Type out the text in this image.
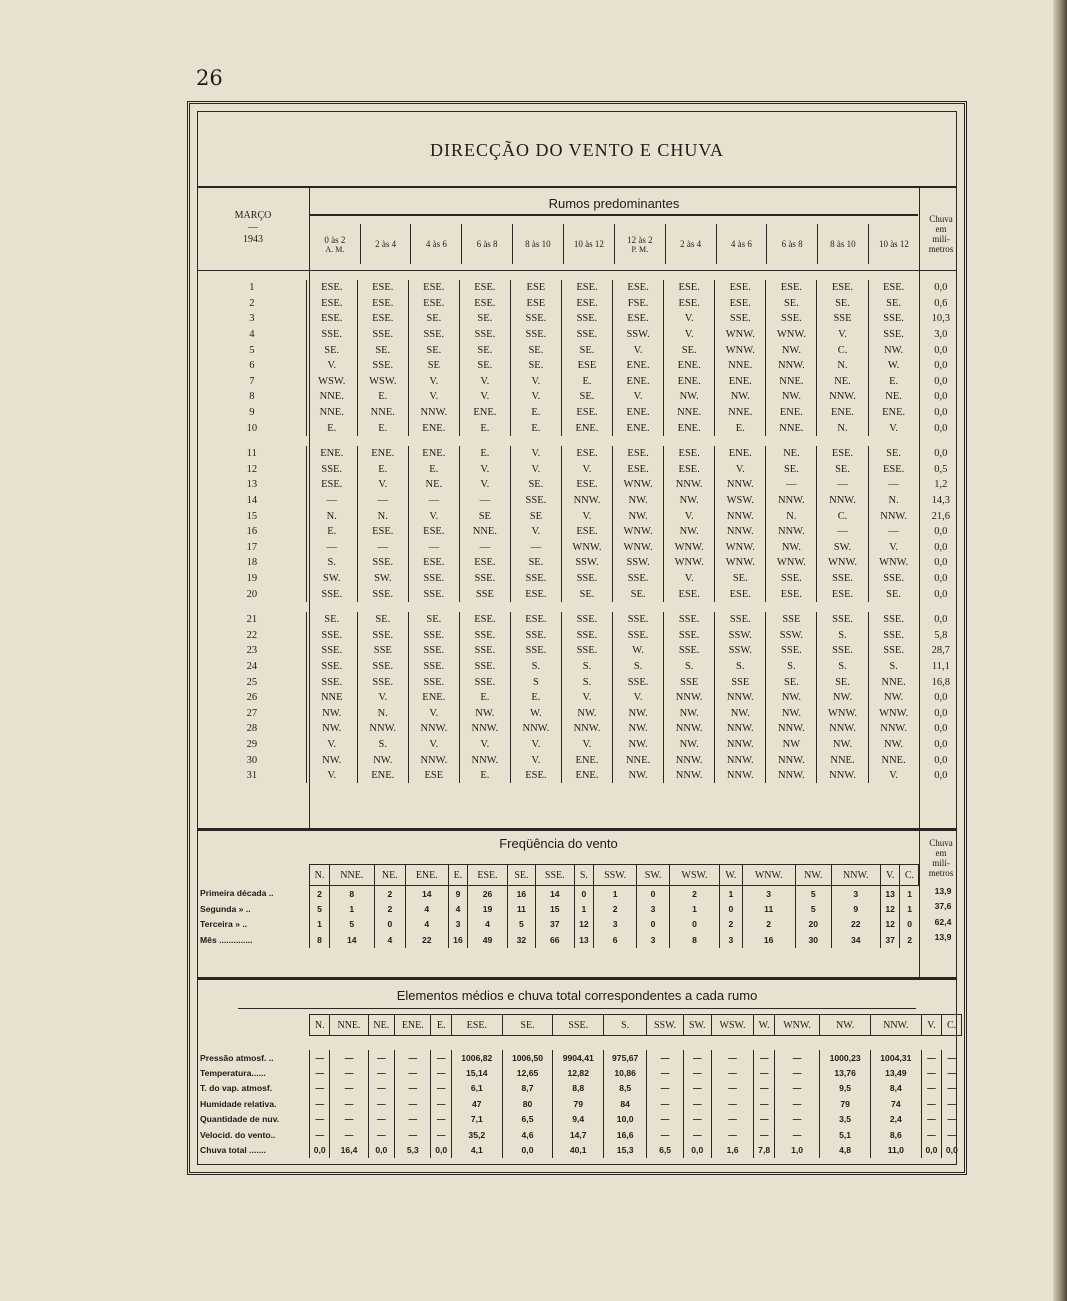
26
DIRECÇÃO DO VENTO E CHUVA
MARÇO
—
1943
Rumos predominantes
Chuva
em
milí-
metros
0 às 2
A. M.	2 às 4	4 às 6	6 às 8	8 às 10	10 às 12	12 às 2
P. M.	2 às 4	4 às 6	6 às 8	8 às 10	10 às 12
1	ESE.	ESE.	ESE.	ESE.	ESE	ESE.	ESE.	ESE.	ESE.	ESE.	ESE.	ESE.	0,0
2	ESE.	ESE.	ESE.	ESE.	ESE	ESE.	FSE.	ESE.	ESE.	SE.	SE.	SE.	0,6
3	ESE.	ESE.	SE.	SE.	SSE.	SSE.	ESE.	V.	SSE.	SSE.	SSE	SSE.	10,3
4	SSE.	SSE.	SSE.	SSE.	SSE.	SSE.	SSW.	V.	WNW.	WNW.	V.	SSE.	3,0
5	SE.	SE.	SE.	SE.	SE.	SE.	V.	SE.	WNW.	NW.	C.	NW.	0,0
6	V.	SSE.	SE	SE.	SE.	ESE	ENE.	ENE.	NNE.	NNW.	N.	W.	0,0
7	WSW.	WSW.	V.	V.	V.	E.	ENE.	ENE.	ENE.	NNE.	NE.	E.	0,0
8	NNE.	E.	V.	V.	V.	SE.	V.	NW.	NW.	NW.	NNW.	NE.	0,0
9	NNE.	NNE.	NNW.	ENE.	E.	ESE.	ENE.	NNE.	NNE.	ENE.	ENE.	ENE.	0,0
10	E.	E.	ENE.	E.	E.	ENE.	ENE.	ENE.	E.	NNE.	N.	V.	0,0

11	ENE.	ENE.	ENE.	E.	V.	ESE.	ESE.	ESE.	ENE.	NE.	ESE.	SE.	0,0
12	SSE.	E.	E.	V.	V.	V.	ESE.	ESE.	V.	SE.	SE.	ESE.	0,5
13	ESE.	V.	NE.	V.	SE.	ESE.	WNW.	NNW.	NNW.	—	—	—	1,2
14	—	—	—	—	SSE.	NNW.	NW.	NW.	WSW.	NNW.	NNW.	N.	14,3
15	N.	N.	V.	SE	SE	V.	NW.	V.	NNW.	N.	C.	NNW.	21,6
16	E.	ESE.	ESE.	NNE.	V.	ESE.	WNW.	NW.	NNW.	NNW.	—	—	0,0
17	—	—	—	—	—	WNW.	WNW.	WNW.	WNW.	NW.	SW.	V.	0,0
18	S.	SSE.	ESE.	ESE.	SE.	SSW.	SSW.	WNW.	WNW.	WNW.	WNW.	WNW.	0,0
19	SW.	SW.	SSE.	SSE.	SSE.	SSE.	SSE.	V.	SE.	SSE.	SSE.	SSE.	0,0
20	SSE.	SSE.	SSE.	SSE	ESE.	SE.	SE.	ESE.	ESE.	ESE.	ESE.	SE.	0,0

21	SE.	SE.	SE.	ESE.	ESE.	SSE.	SSE.	SSE.	SSE.	SSE	SSE.	SSE.	0,0
22	SSE.	SSE.	SSE.	SSE.	SSE.	SSE.	SSE.	SSE.	SSW.	SSW.	S.	SSE.	5,8
23	SSE.	SSE	SSE.	SSE.	SSE.	SSE.	W.	SSE.	SSW.	SSE.	SSE.	SSE.	28,7
24	SSE.	SSE.	SSE.	SSE.	S.	S.	S.	S.	S.	S.	S.	S.	11,1
25	SSE.	SSE.	SSE.	SSE.	S	S.	SSE.	SSE	SSE	SE.	SE.	NNE.	16,8
26	NNE	V.	ENE.	E.	E.	V.	V.	NNW.	NNW.	NW.	NW.	NW.	0,0
27	NW.	N.	V.	NW.	W.	NW.	NW.	NW.	NW.	NW.	WNW.	WNW.	0,0
28	NW.	NNW.	NNW.	NNW.	NNW.	NNW.	NW.	NNW.	NNW.	NNW.	NNW.	NNW.	0,0
29	V.	S.	V.	V.	V.	V.	NW.	NW.	NNW.	NW	NW.	NW.	0,0
30	NW.	NW.	NNW.	NNW.	V.	ENE.	NNE.	NNW.	NNW.	NNW.	NNE.	NNE.	0,0
31	V.	ENE.	ESE	E.	ESE.	ENE.	NW.	NNW.	NNW.	NNW.	NNW.	V.	0,0
Freqüência do vento	Chuva
em
milí-
metros
	N.	NNE.	NE.	ENE.	E.	ESE.	SE.	SSE.	S.	SSW.	SW.	WSW.	W.	WNW.	NW.	NNW.	V.	C.
Primeira década ..	2	8	2	14	9	26	16	14	0	1	0	2	1	3	5	3	13	1		13,9

Segunda » ..	5	1	2	4	4	19	11	15	1	2	3	1	0	11	5	9	12	1		37,6

Terceira » ..	1	5	0	4	3	4	5	37	12	3	0	0	2	2	20	22	12	0		62,4

Mês ..............	8	14	4	22	16	49	32	66	13	6	3	8	3	16	30	34	37	2		13,9
Elementos médios e chuva total correspondentes a cada rumo
	N.	NNE.	NE.	ENE.	E.	ESE.	SE.	SSE.	S.	SSW.	SW.	WSW.	W.	WNW.	NW.	NNW.	V.	C.

Pressão atmosf. ..	—	—	—	—	—	1006,82	1006,50	9904,41	975,67	—	—	—	—	—	1000,23	1004,31	—	—
Temperatura......	—	—	—	—	—	15,14	12,65	12,82	10,86	—	—	—	—	—	13,76	13,49	—	—
T. do vap. atmosf.	—	—	—	—	—	6,1	8,7	8,8	8,5	—	—	—	—	—	9,5	8,4	—	—
Humidade relativa.	—	—	—	—	—	47	80	79	84	—	—	—	—	—	79	74	—	—
Quantidade de nuv.	—	—	—	—	—	7,1	6,5	9,4	10,0	—	—	—	—	—	3,5	2,4	—	—
Velocid. do vento..	—	—	—	—	—	35,2	4,6	14,7	16,6	—	—	—	—	—	5,1	8,6	—	—
Chuva total .......	0,0	16,4	0,0	5,3	0,0	4,1	0,0	40,1	15,3	6,5	0,0	1,6	7,8	1,0	4,8	11,0	0,0	0,0
